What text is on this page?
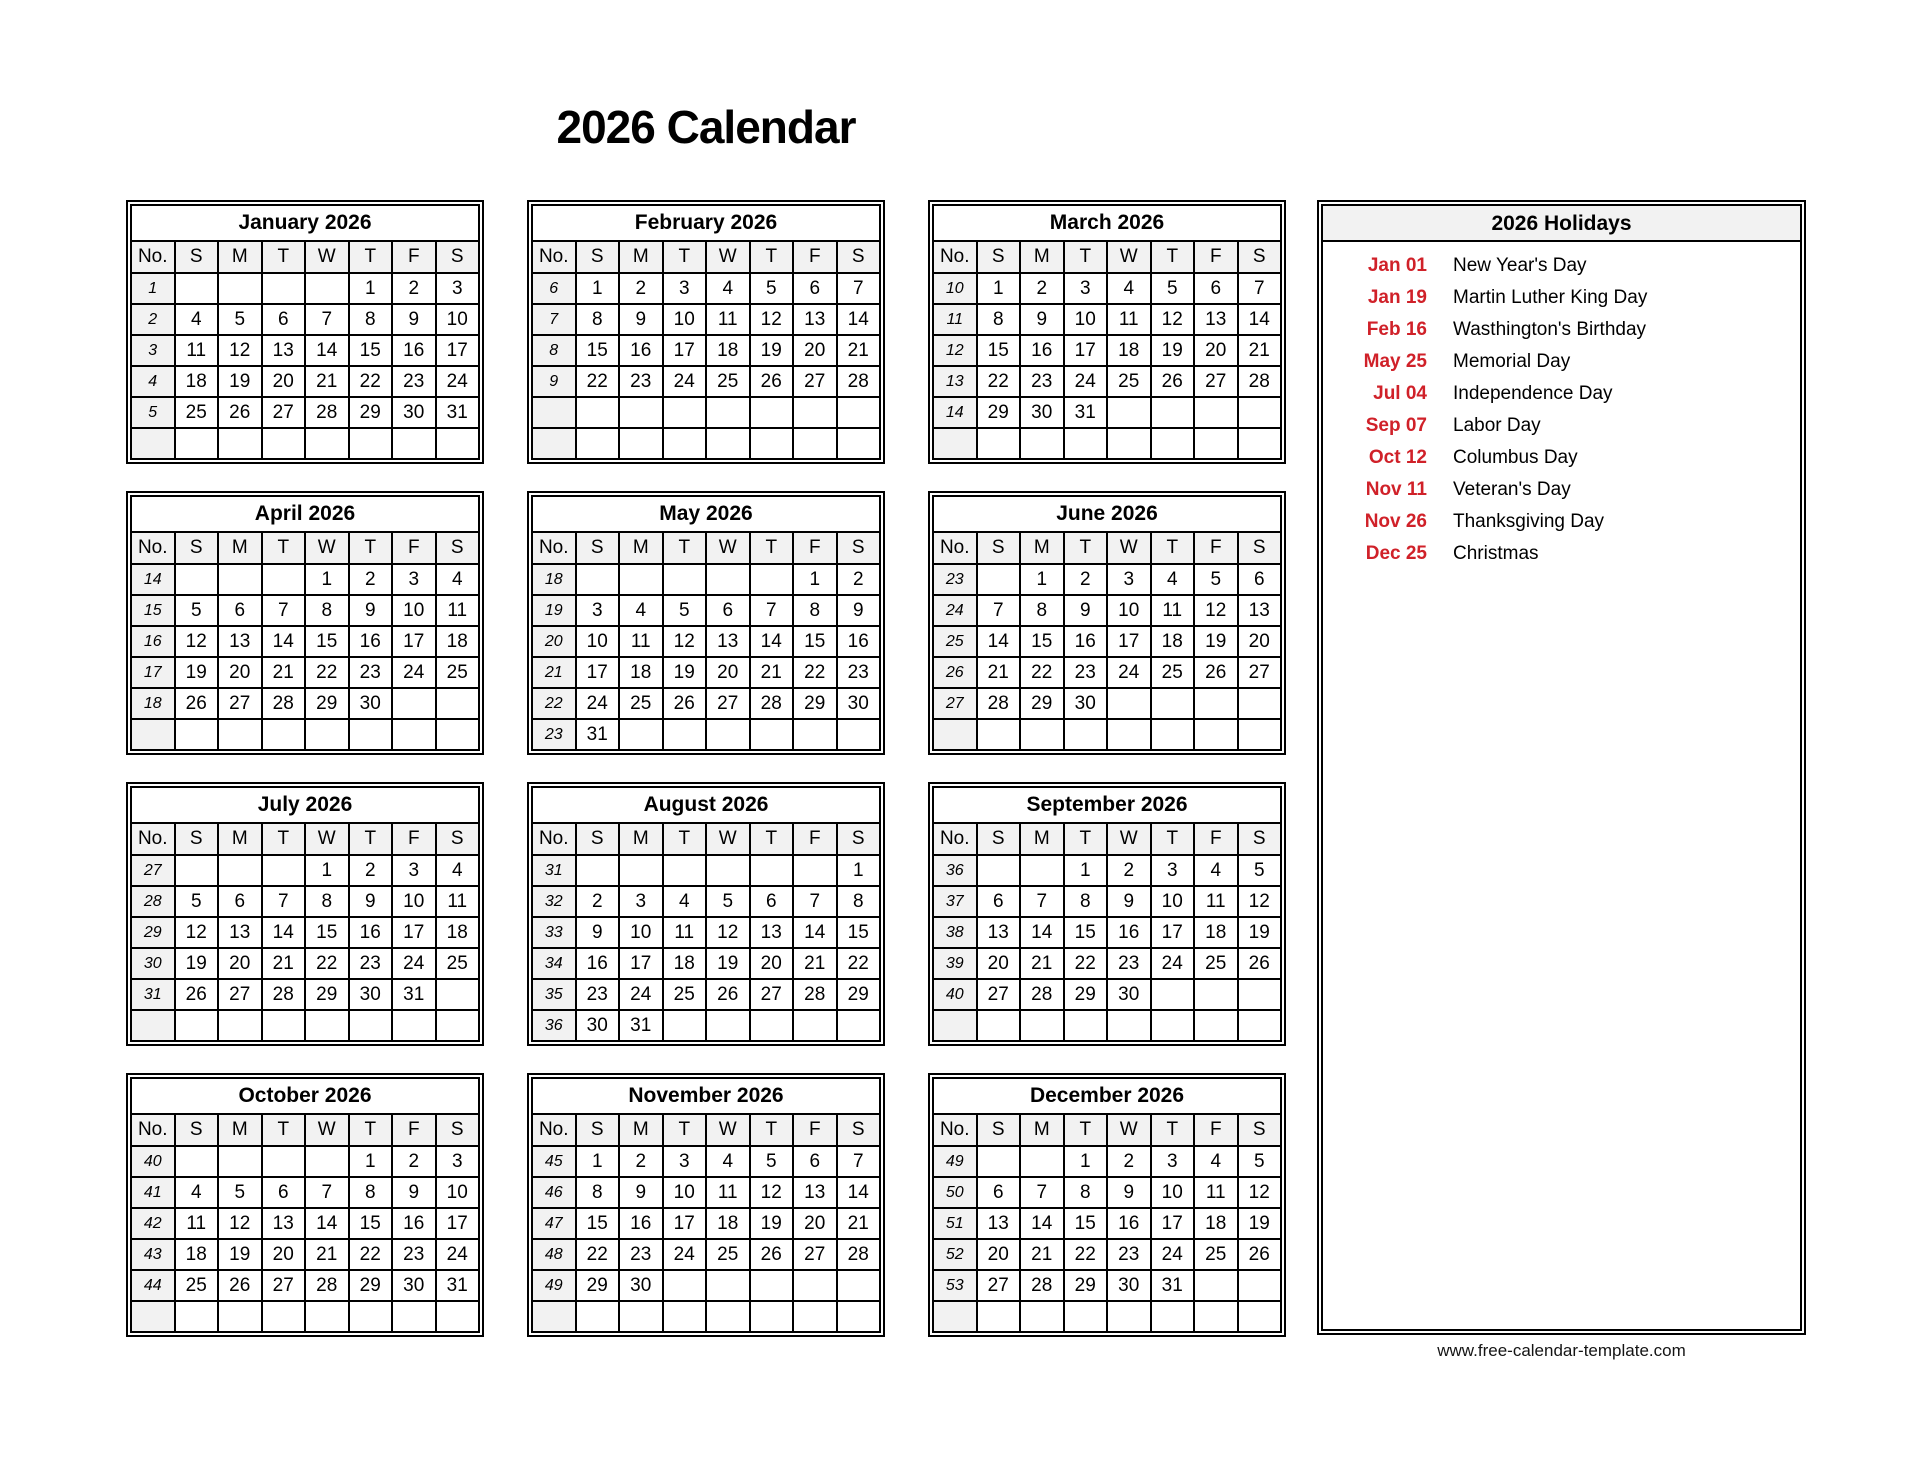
2026 Calendar
January 2026							
No.	S	M	T	W	T	F	S
1					1	2	3
2	4	5	6	7	8	9	10
3	11	12	13	14	15	16	17
4	18	19	20	21	22	23	24
5	25	26	27	28	29	30	31

February 2026							
No.	S	M	T	W	T	F	S
6	1	2	3	4	5	6	7
7	8	9	10	11	12	13	14
8	15	16	17	18	19	20	21
9	22	23	24	25	26	27	28

March 2026							
No.	S	M	T	W	T	F	S
10	1	2	3	4	5	6	7
11	8	9	10	11	12	13	14
12	15	16	17	18	19	20	21
13	22	23	24	25	26	27	28
14	29	30	31				

April 2026							
No.	S	M	T	W	T	F	S
14				1	2	3	4
15	5	6	7	8	9	10	11
16	12	13	14	15	16	17	18
17	19	20	21	22	23	24	25
18	26	27	28	29	30		

May 2026							
No.	S	M	T	W	T	F	S
18						1	2
19	3	4	5	6	7	8	9
20	10	11	12	13	14	15	16
21	17	18	19	20	21	22	23
22	24	25	26	27	28	29	30
23	31						
June 2026							
No.	S	M	T	W	T	F	S
23		1	2	3	4	5	6
24	7	8	9	10	11	12	13
25	14	15	16	17	18	19	20
26	21	22	23	24	25	26	27
27	28	29	30				

July 2026							
No.	S	M	T	W	T	F	S
27				1	2	3	4
28	5	6	7	8	9	10	11
29	12	13	14	15	16	17	18
30	19	20	21	22	23	24	25
31	26	27	28	29	30	31	

August 2026							
No.	S	M	T	W	T	F	S
31							1
32	2	3	4	5	6	7	8
33	9	10	11	12	13	14	15
34	16	17	18	19	20	21	22
35	23	24	25	26	27	28	29
36	30	31					
September 2026							
No.	S	M	T	W	T	F	S
36			1	2	3	4	5
37	6	7	8	9	10	11	12
38	13	14	15	16	17	18	19
39	20	21	22	23	24	25	26
40	27	28	29	30			

October 2026							
No.	S	M	T	W	T	F	S
40					1	2	3
41	4	5	6	7	8	9	10
42	11	12	13	14	15	16	17
43	18	19	20	21	22	23	24
44	25	26	27	28	29	30	31

November 2026							
No.	S	M	T	W	T	F	S
45	1	2	3	4	5	6	7
46	8	9	10	11	12	13	14
47	15	16	17	18	19	20	21
48	22	23	24	25	26	27	28
49	29	30					

December 2026							
No.	S	M	T	W	T	F	S
49			1	2	3	4	5
50	6	7	8	9	10	11	12
51	13	14	15	16	17	18	19
52	20	21	22	23	24	25	26
53	27	28	29	30	31		

2026 Holidays
Jan 01 New Year's Day
Jan 19 Martin Luther King Day
Feb 16 Wasthington's Birthday
May 25 Memorial Day
Jul 04 Independence Day
Sep 07 Labor Day
Oct 12 Columbus Day
Nov 11 Veteran's Day
Nov 26 Thanksgiving Day
Dec 25 Christmas
www.free-calendar-template.com
